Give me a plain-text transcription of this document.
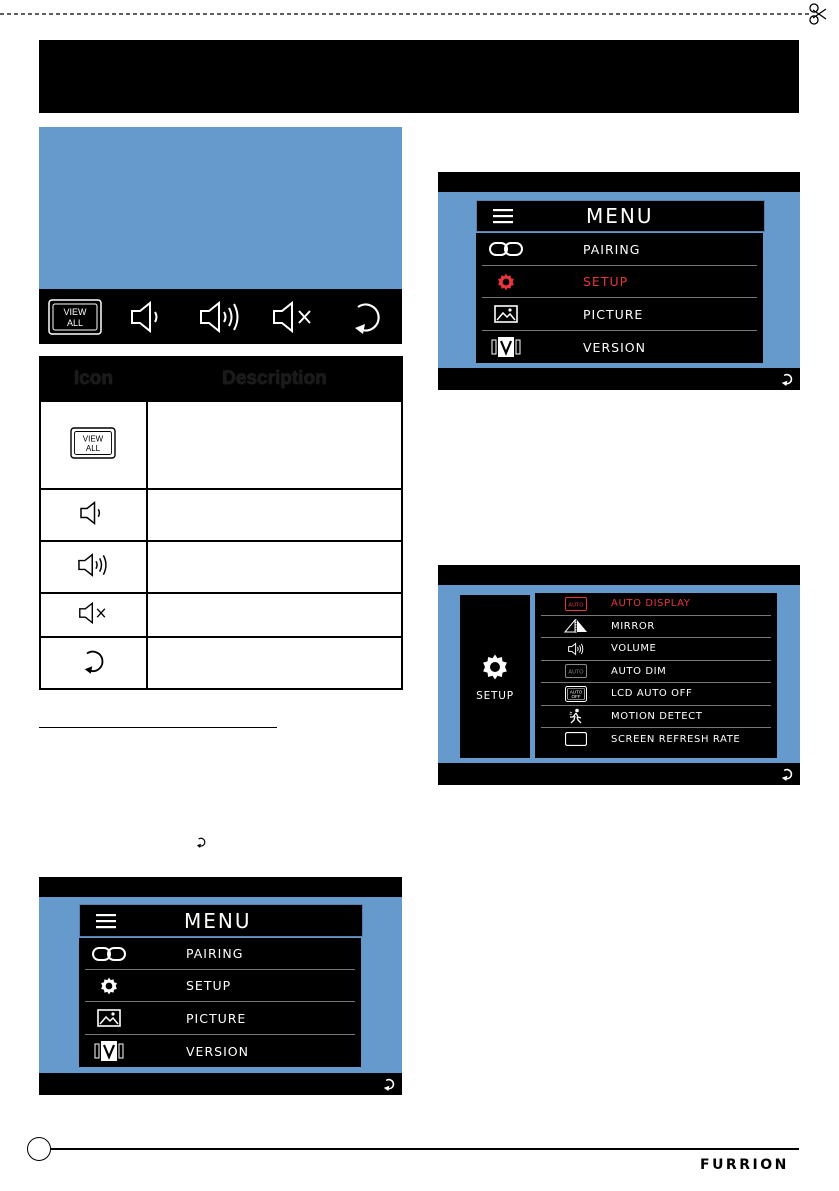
VIEW
ALL
Icon	Description

VIEW
ALL	

MENU
PAIRING
SETUP
PICTURE
VERSION
MENU
PAIRING
SETUP
PICTURE
VERSION
SETUP
AUTO	AUTO DISPLAY
MIRROR
VOLUME
AUTO	AUTO DIM
AUTO
OFF	LCD AUTO OFF
MOTION DETECT
SCREEN REFRESH RATE
FURRION
